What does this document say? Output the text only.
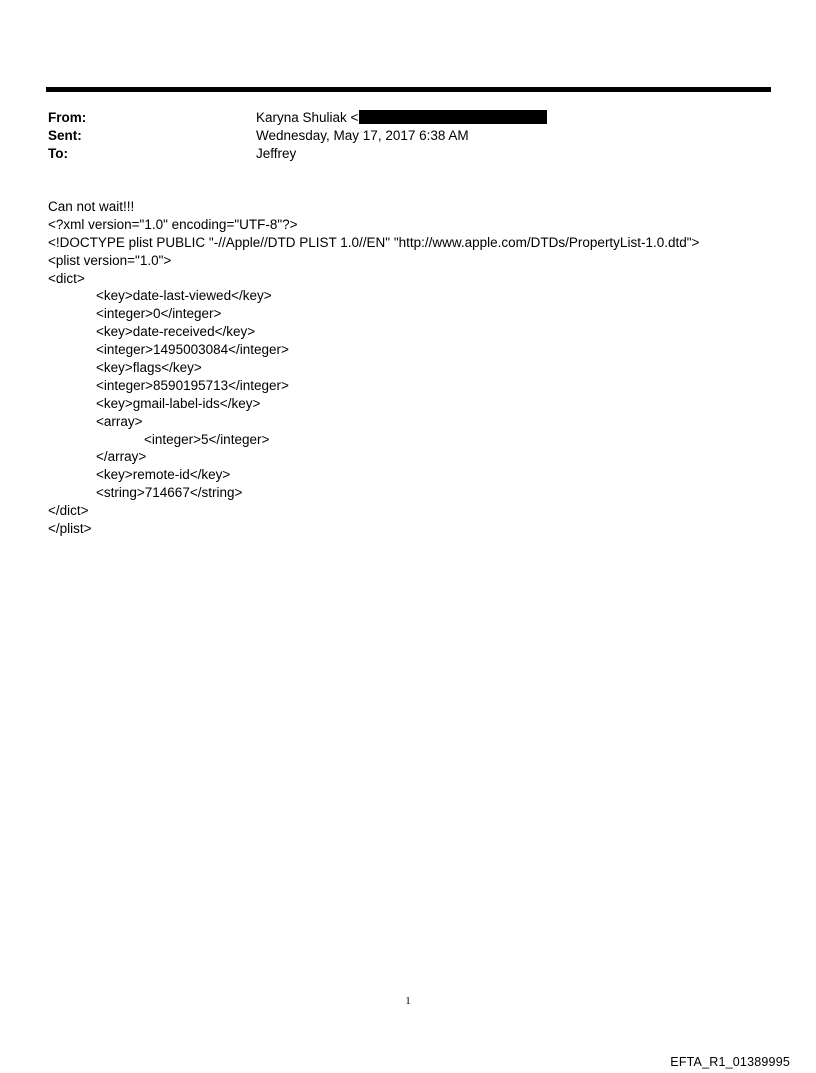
From:	Karyna Shuliak <
Sent:	Wednesday, May 17, 2017 6:38 AM
To:	Jeffrey
Can not wait!!!
<?xml version="1.0" encoding="UTF-8"?>
<!DOCTYPE plist PUBLIC "-//Apple//DTD PLIST 1.0//EN" "http://www.apple.com/DTDs/PropertyList-1.0.dtd">
<plist version="1.0">
<dict>
<key>date-last-viewed</key>
<integer>0</integer>
<key>date-received</key>
<integer>1495003084</integer>
<key>flags</key>
<integer>8590195713</integer>
<key>gmail-label-ids</key>
<array>
<integer>5</integer>
</array>
<key>remote-id</key>
<string>714667</string>
</dict>
</plist>
1
EFTA_R1_01389995
